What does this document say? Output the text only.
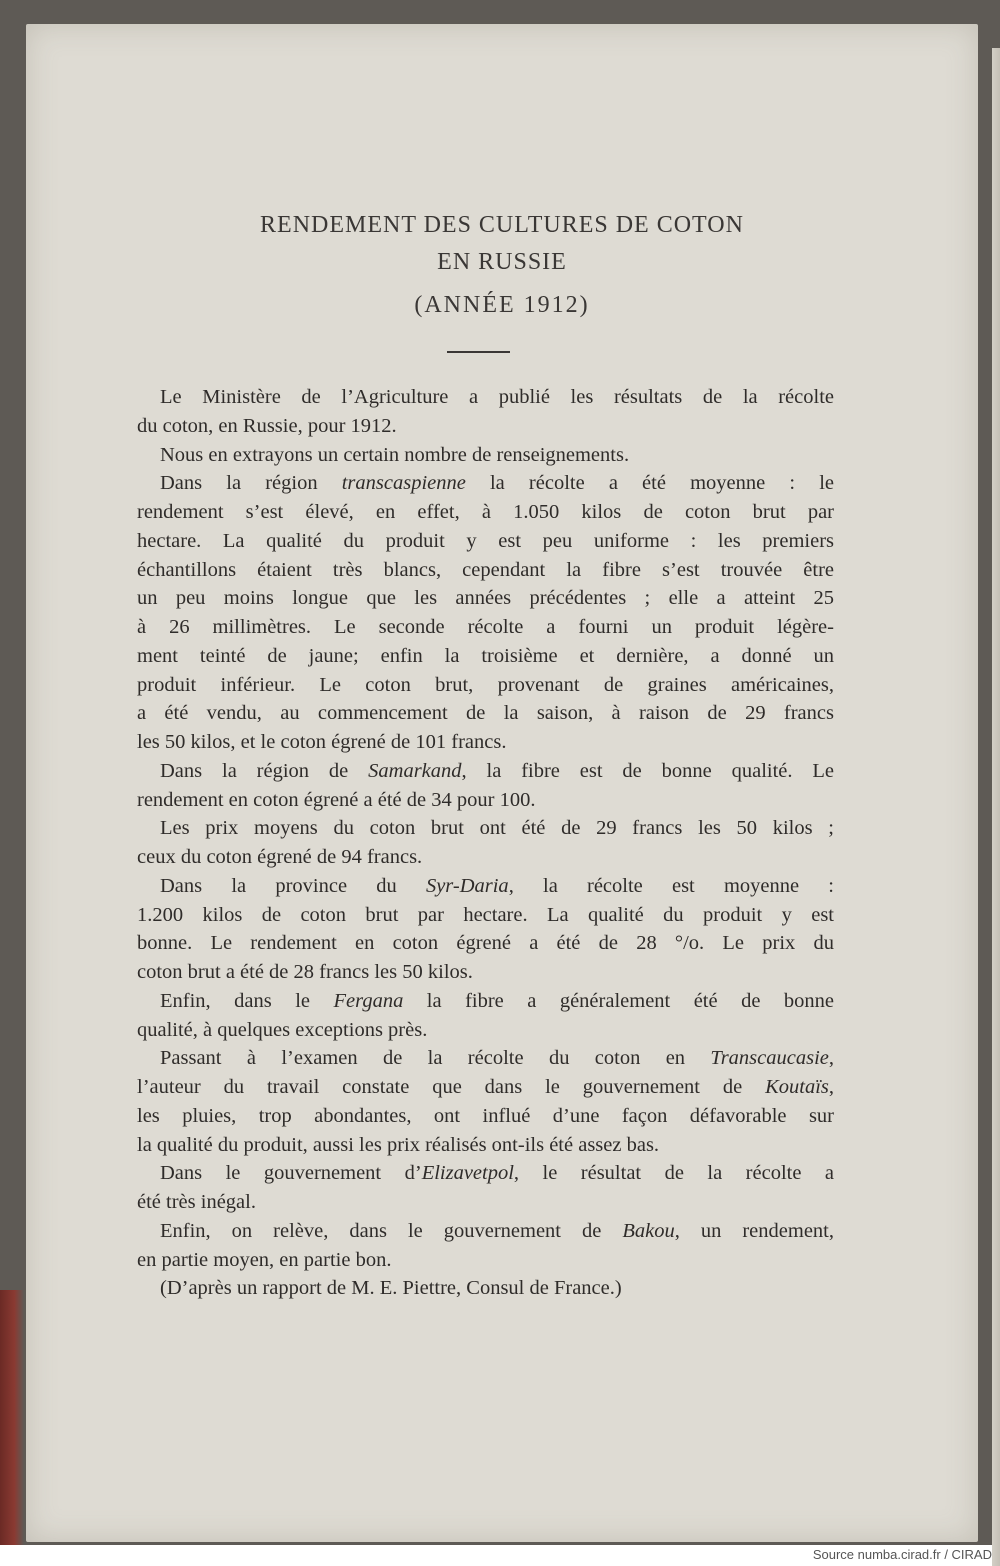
RENDEMENT DES CULTURES DE COTON
EN RUSSIE
(ANNÉE 1912)
Le Ministère de l’Agriculture a publié les résultats de la récolte
du coton, en Russie, pour 1912.
Nous en extrayons un certain nombre de renseignements.
Dans la région transcaspienne la récolte a été moyenne : le
rendement s’est élevé, en effet, à 1.050 kilos de coton brut par
hectare. La qualité du produit y est peu uniforme : les premiers
échantillons étaient très blancs, cependant la fibre s’est trouvée être
un peu moins longue que les années précédentes ; elle a atteint 25
à 26 millimètres. Le seconde récolte a fourni un produit légère-
ment teinté de jaune; enfin la troisième et dernière, a donné un
produit inférieur. Le coton brut, provenant de graines américaines,
a été vendu, au commencement de la saison, à raison de 29 francs
les 50 kilos, et le coton égrené de 101 francs.
Dans la région de Samarkand, la fibre est de bonne qualité. Le
rendement en coton égrené a été de 34 pour 100.
Les prix moyens du coton brut ont été de 29 francs les 50 kilos ;
ceux du coton égrené de 94 francs.
Dans la province du Syr-Daria, la récolte est moyenne :
1.200 kilos de coton brut par hectare. La qualité du produit y est
bonne. Le rendement en coton égrené a été de 28 °/o. Le prix du
coton brut a été de 28 francs les 50 kilos.
Enfin, dans le Fergana la fibre a généralement été de bonne
qualité, à quelques exceptions près.
Passant à l’examen de la récolte du coton en Transcaucasie,
l’auteur du travail constate que dans le gouvernement de Koutaïs,
les pluies, trop abondantes, ont influé d’une façon défavorable sur
la qualité du produit, aussi les prix réalisés ont-ils été assez bas.
Dans le gouvernement d’Elizavetpol, le résultat de la récolte a
été très inégal.
Enfin, on relève, dans le gouvernement de Bakou, un rendement,
en partie moyen, en partie bon.
(D’après un rapport de M. E. Piettre, Consul de France.)
Source numba.cirad.fr / CIRAD
